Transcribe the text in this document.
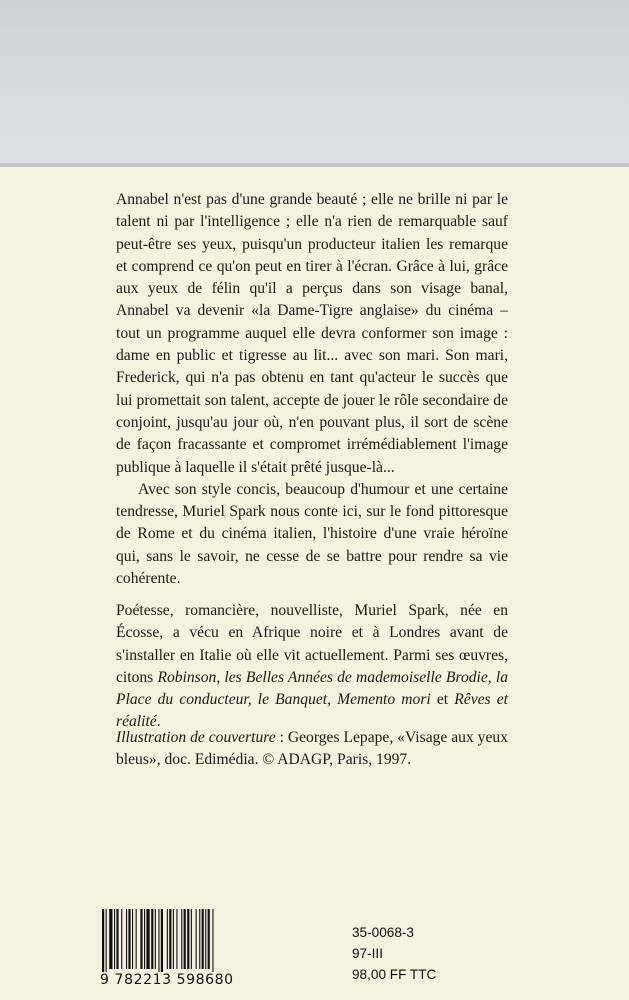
Annabel n'est pas d'une grande beauté ; elle ne brille ni par le talent ni par l'intelligence ; elle n'a rien de remarquable sauf peut-être ses yeux, puisqu'un producteur italien les remarque et comprend ce qu'on peut en tirer à l'écran. Grâce à lui, grâce aux yeux de félin qu'il a perçus dans son visage banal, Annabel va devenir «la Dame-Tigre anglaise» du cinéma – tout un programme auquel elle devra conformer son image : dame en public et tigresse au lit... avec son mari. Son mari, Frederick, qui n'a pas obtenu en tant qu'acteur le succès que lui promettait son talent, accepte de jouer le rôle secondaire de conjoint, jusqu'au jour où, n'en pouvant plus, il sort de scène de façon fracassante et compromet irrémédiablement l'image publique à laquelle il s'était prêté jusque-là...

Avec son style concis, beaucoup d'humour et une certaine tendresse, Muriel Spark nous conte ici, sur le fond pittoresque de Rome et du cinéma italien, l'histoire d'une vraie héroïne qui, sans le savoir, ne cesse de se battre pour rendre sa vie cohérente.

Poétesse, romancière, nouvelliste, Muriel Spark, née en Écosse, a vécu en Afrique noire et à Londres avant de s'installer en Italie où elle vit actuellement. Parmi ses œuvres, citons Robinson, les Belles Années de mademoiselle Brodie, la Place du conducteur, le Banquet, Memento mori et Rêves et réalité.

Illustration de couverture : Georges Lepape, «Visage aux yeux bleus», doc. Edimédia. © ADAGP, Paris, 1997.

9 782213 598680
35-0068-3
97-III
98,00 FF TTC
